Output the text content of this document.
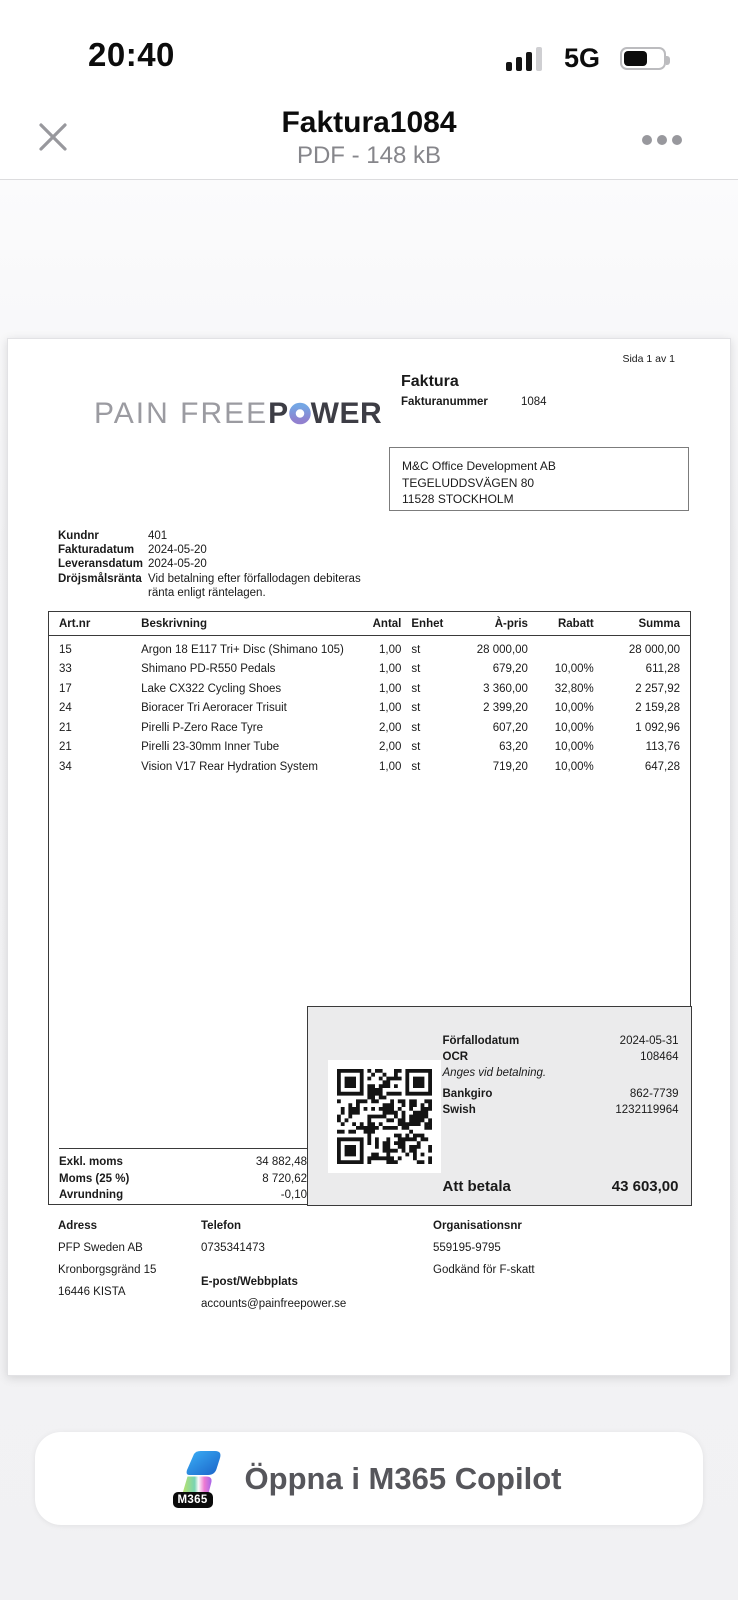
20:40	5G
Faktura1084
PDF - 148 kB
Sida 1 av 1
Faktura
Fakturanummer	1084
PAIN FREEP WER
M&C Office Development AB
TEGELUDDSVÄGEN 80
11528 STOCKHOLM
Kundnr	401
Fakturadatum	2024-05-20
Leveransdatum 2024-05-20
Dröjsmålsränta Vid betalning efter förfallodagen debiteras ränta enligt räntelagen.
Art.nr	Beskrivning	Antal	Enhet	À-pris	Rabatt	Summa
15	Argon 18 E117 Tri+ Disc (Shimano 105)	1,00	st	28 000,00		28 000,00
33	Shimano PD-R550 Pedals	1,00	st	679,20	10,00%	611,28
17	Lake CX322 Cycling Shoes	1,00	st	3 360,00	32,80%	2 257,92
24	Bioracer Tri Aeroracer Trisuit	1,00	st	2 399,20	10,00%	2 159,28
21	Pirelli P-Zero Race Tyre	2,00	st	607,20	10,00%	1 092,96
21	Pirelli 23-30mm Inner Tube	2,00	st	63,20	10,00%	113,76
34	Vision V17 Rear Hydration System	1,00	st	719,20	10,00%	647,28
Exkl. moms	34 882,48
Moms (25 %)	8 720,62
Avrundning	-0,10
Förfallodatum	2024-05-31
OCR	108464
Anges vid betalning.
Bankgiro	862-7739
Swish	1232119964
Att betala	43 603,00
Adress
PFP Sweden AB
Kronborgsgränd 15
16446 KISTA
Telefon
0735341473
E-post/Webbplats
accounts@painfreepower.se
Organisationsnr
559195-9795
Godkänd för F-skatt
M365
Öppna i M365 Copilot
